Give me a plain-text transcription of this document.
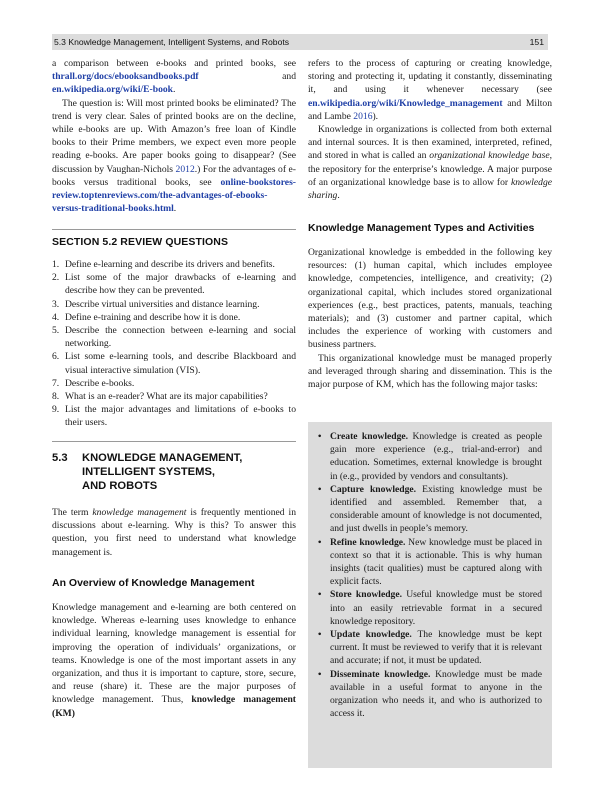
5.3 Knowledge Management, Intelligent Systems, and Robots	151

a comparison between e-books and printed books, see thrall.org/docs/ebooksandbooks.pdf and en.wikipedia.org/wiki/E-book.

The question is: Will most printed books be eliminated? The trend is very clear. Sales of printed books are on the decline, while e-books are up. With Amazon’s free loan of Kindle books to their Prime members, we expect even more people reading e-books. Are paper books going to disappear? (See discussion by Vaughan-Nichols 2012.) For the advantages of e-books versus traditional books, see online-bookstores-review.toptenreviews.com/the-advantages-of-ebooks-versus-traditional-books.html.

SECTION 5.2 REVIEW QUESTIONS
1. Define e-learning and describe its drivers and benefits.
2. List some of the major drawbacks of e-learning and describe how they can be prevented.
3. Describe virtual universities and distance learning.
4. Define e-training and describe how it is done.
5. Describe the connection between e-learning and social networking.
6. List some e-learning tools, and describe Blackboard and visual interactive simulation (VIS).
7. Describe e-books.
8. What is an e-reader? What are its major capabilities?
9. List the major advantages and limitations of e-books to their users.
5.3 KNOWLEDGE MANAGEMENT,
INTELLIGENT SYSTEMS,
AND ROBOTS

The term knowledge management is frequently mentioned in discussions about e-learning. Why is this? To answer this question, you first need to understand what knowledge management is.

An Overview of Knowledge Management

Knowledge management and e-learning are both centered on knowledge. Whereas e-learning uses knowledge to enhance individual learning, knowledge management is essential for improving the operation of individuals’ organizations, or teams. Knowledge is one of the most important assets in any organization, and thus it is important to capture, store, secure, and reuse (share) it. These are the major purposes of knowledge management. Thus, knowledge management (KM)

refers to the process of capturing or creating knowledge, storing and protecting it, updating it constantly, disseminating it, and using it whenever necessary (see en.wikipedia.org/wiki/Knowledge_management and Milton and Lambe 2016).

Knowledge in organizations is collected from both external and internal sources. It is then examined, interpreted, refined, and stored in what is called an organizational knowledge base, the repository for the enterprise’s knowledge. A major purpose of an organizational knowledge base is to allow for knowledge sharing.

Knowledge Management Types and Activities

Organizational knowledge is embedded in the following key resources: (1) human capital, which includes employee knowledge, competencies, intelligence, and creativity; (2) organizational capital, which includes stored organizational experiences (e.g., best practices, patents, manuals, teaching materials); and (3) customer and partner capital, which includes the experience of working with customers and business partners.

This organizational knowledge must be managed properly and leveraged through sharing and dissemination. This is the major purpose of KM, which has the following major tasks:

• Create knowledge. Knowledge is created as people gain more experience (e.g., trial-and-error) and education. Sometimes, external knowledge is brought in (e.g., provided by vendors and consultants).
• Capture knowledge. Existing knowledge must be identified and assembled. Remember that, a considerable amount of knowledge is not documented, and just dwells in people’s memory.
• Refine knowledge. New knowledge must be placed in context so that it is actionable. This is why human insights (tacit qualities) must be captured along with explicit facts.
• Store knowledge. Useful knowledge must be stored into an easily retrievable format in a secured knowledge repository.
• Update knowledge. The knowledge must be kept current. It must be reviewed to verify that it is relevant and accurate; if not, it must be updated.
• Disseminate knowledge. Knowledge must be made available in a useful format to anyone in the organization who needs it, and who is authorized to access it.
